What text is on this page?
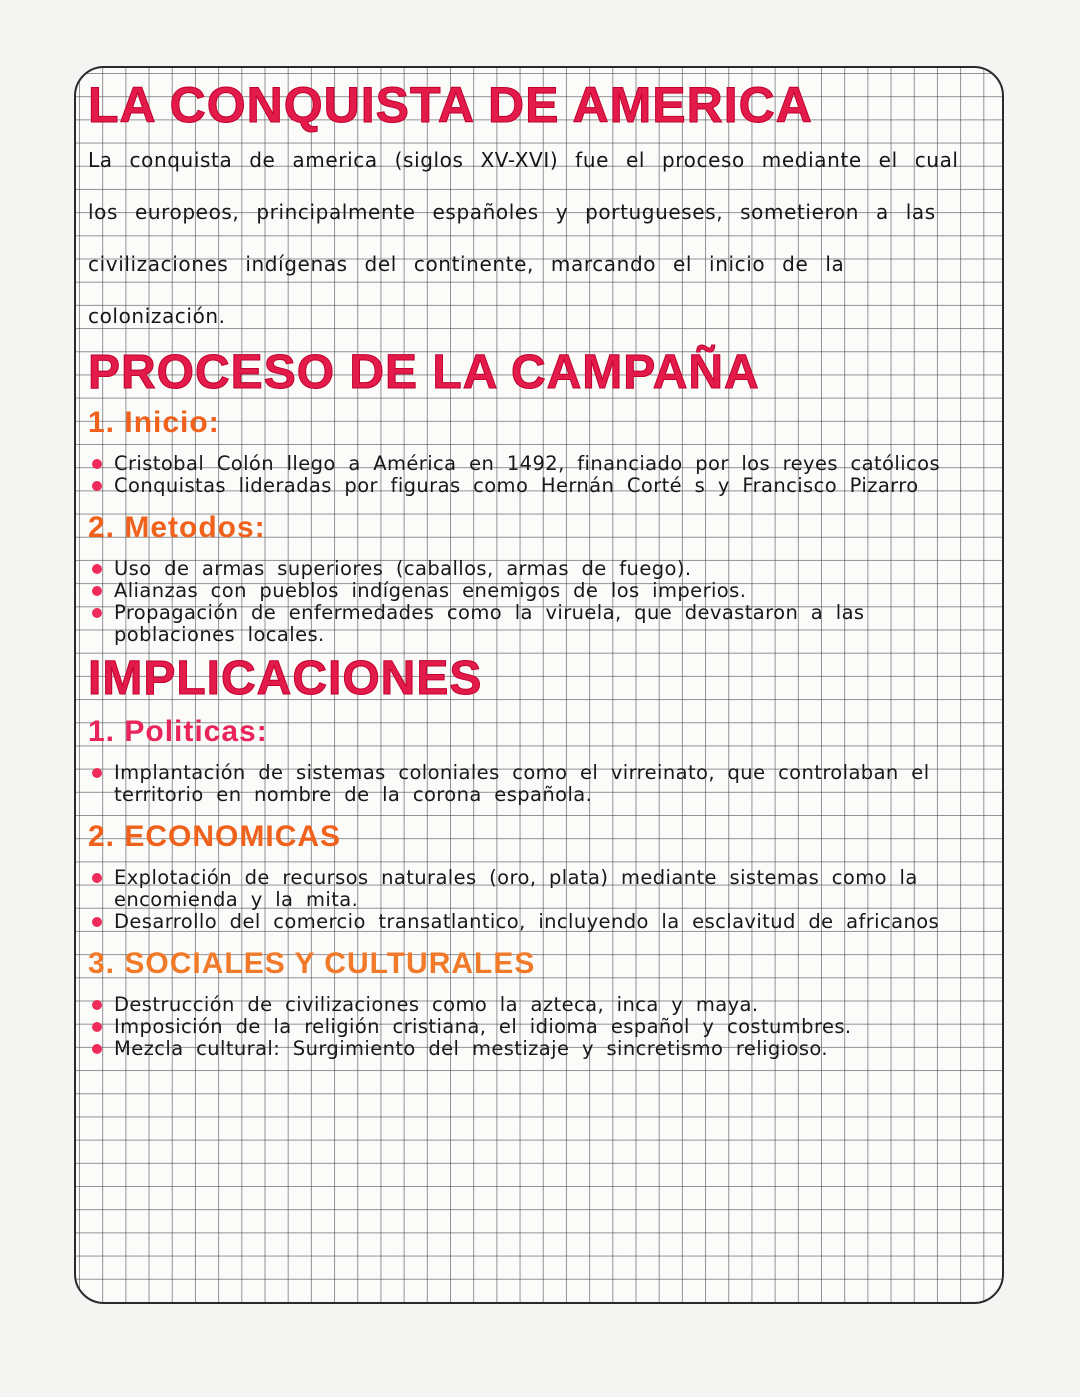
LA CONQUISTA DE AMERICA

La conquista de america (siglos XV-XVI) fue el proceso mediante el cual los europeos, principalmente españoles y portugueses, sometieron a las civilizaciones indígenas del continente, marcando el inicio de la colonización.

PROCESO DE LA CAMPAÑA
1. Inicio:
Cristobal Colón llego a América en 1492, financiado por los reyes católicos
Conquistas lideradas por figuras como Hernán Corté s y Francisco Pizarro
2. Metodos:
Uso de armas superiores (caballos, armas de fuego).
Alianzas con pueblos indígenas enemigos de los imperios.
Propagación de enfermedades como la viruela, que devastaron a las poblaciones locales.
IMPLICACIONES
1. Politicas:
Implantación de sistemas coloniales como el virreinato, que controlaban el territorio en nombre de la corona española.
2. ECONOMICAS
Explotación de recursos naturales (oro, plata) mediante sistemas como la encomienda y la mita.
Desarrollo del comercio transatlantico, incluyendo la esclavitud de africanos
3. SOCIALES Y CULTURALES
Destrucción de civilizaciones como la azteca, inca y maya.
Imposición de la religión cristiana, el idioma español y costumbres.
Mezcla cultural: Surgimiento del mestizaje y sincretismo religioso.
